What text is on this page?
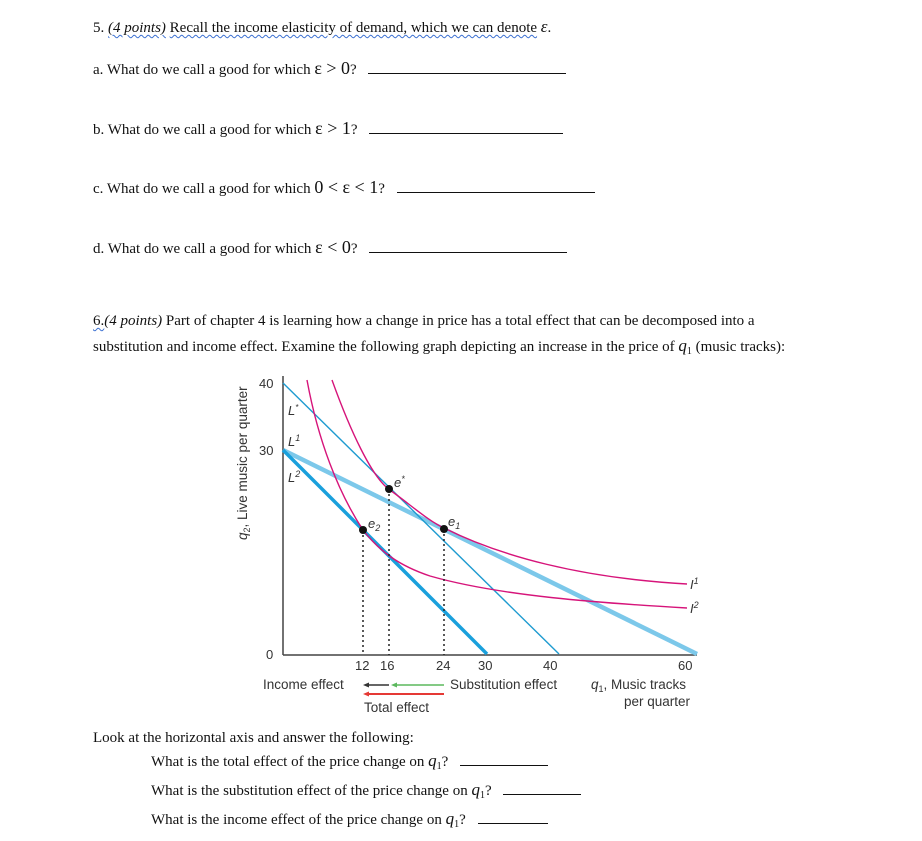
5. (4 points) Recall the income elasticity of demand, which we can denote ε.
a. What do we call a good for which ε > 0?
b. What do we call a good for which ε > 1?
c. What do we call a good for which 0 < ε < 1?
d. What do we call a good for which ε < 0?
6.(4 points) Part of chapter 4 is learning how a change in price has a total effect that can be decomposed into a
substitution and income effect. Examine the following graph depicting an increase in the price of $q_1$ (music tracks):
$e_2$
e*
$e_1$
L*
$L^1$
$L^2$
$I^1$
$I^2$
40
30
0
12 16	24 30	40	60
$q_2$, Live music per quarter
$q_1$, Music tracks
per quarter
Income effect	Substitution effect
Total effect
Look at the horizontal axis and answer the following:
What is the total effect of the price change on $q_1$?
What is the substitution effect of the price change on $q_1$?
What is the income effect of the price change on $q_1$?
